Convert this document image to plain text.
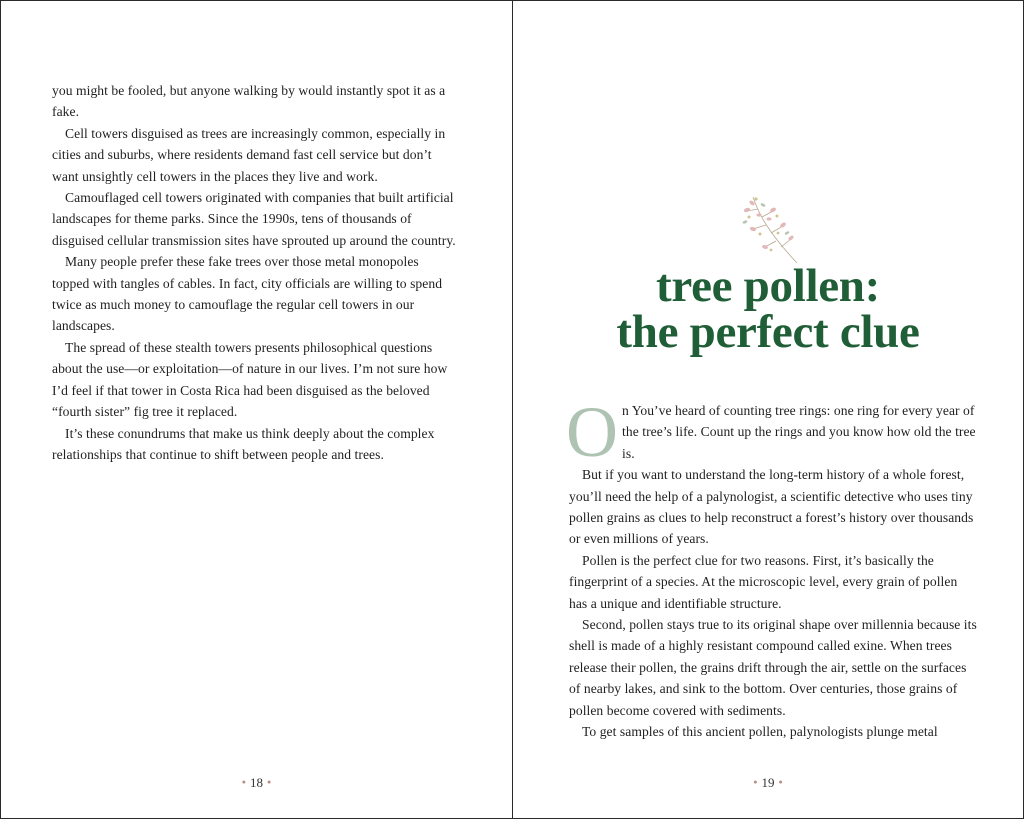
you might be fooled, but anyone walking by would instantly spot it as a fake.

Cell towers disguised as trees are increasingly common, especially in cities and suburbs, where residents demand fast cell service but don’t want unsightly cell towers in the places they live and work.

Camouflaged cell towers originated with companies that built artificial landscapes for theme parks. Since the 1990s, tens of thousands of disguised cellular transmission sites have sprouted up around the country.

Many people prefer these fake trees over those metal monopoles topped with tangles of cables. In fact, city officials are willing to spend twice as much money to camouflage the regular cell towers in our landscapes.

The spread of these stealth towers presents philosophical questions about the use—or exploitation—of nature in our lives. I’m not sure how I’d feel if that tower in Costa Rica had been disguised as the beloved “fourth sister” fig tree it replaced.

It’s these conundrums that make us think deeply about the complex relationships that continue to shift between people and trees.

● 18 ●
tree pollen:
the perfect clue

On You’ve heard of counting tree rings: one ring for every year of the tree’s life. Count up the rings and you know how old the tree is.

But if you want to understand the long-term history of a whole forest, you’ll need the help of a palynologist, a scientific detective who uses tiny pollen grains as clues to help reconstruct a forest’s history over thousands or even millions of years.

Pollen is the perfect clue for two reasons. First, it’s basically the fingerprint of a species. At the microscopic level, every grain of pollen has a unique and identifiable structure.

Second, pollen stays true to its original shape over millennia because its shell is made of a highly resistant compound called exine. When trees release their pollen, the grains drift through the air, settle on the surfaces of nearby lakes, and sink to the bottom. Over centuries, those grains of pollen become covered with sediments.

To get samples of this ancient pollen, palynologists plunge metal

● 19 ●
